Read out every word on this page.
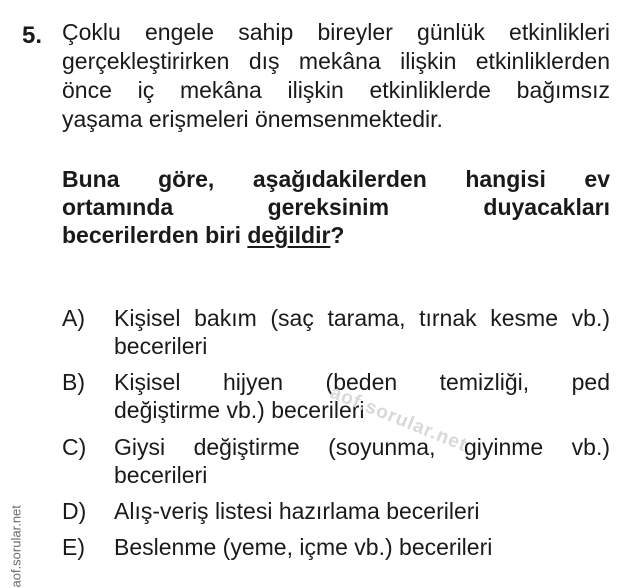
5. Çoklu engele sahip bireyler günlük etkinlikleri
gerçekleştirirken dış mekâna ilişkin etkinliklerden
önce iç mekâna ilişkin etkinliklerde bağımsız
yaşama erişmeleri önemsenmektedir.
Buna göre, aşağıdakilerden hangisi ev
ortamında gereksinim duyacakları
becerilerden biri değildir?
A)	Kişisel bakım (saç tarama, tırnak kesme vb.)
becerileri
B)	Kişisel hijyen (beden temizliği, ped
değiştirme vb.) becerileri
C)	Giysi değiştirme (soyunma, giyinme vb.)
becerileri
D)	Alış-veriş listesi hazırlama becerileri
E)	Beslenme (yeme, içme vb.) becerileri
aof.sorular.net
aof.sorular.net
